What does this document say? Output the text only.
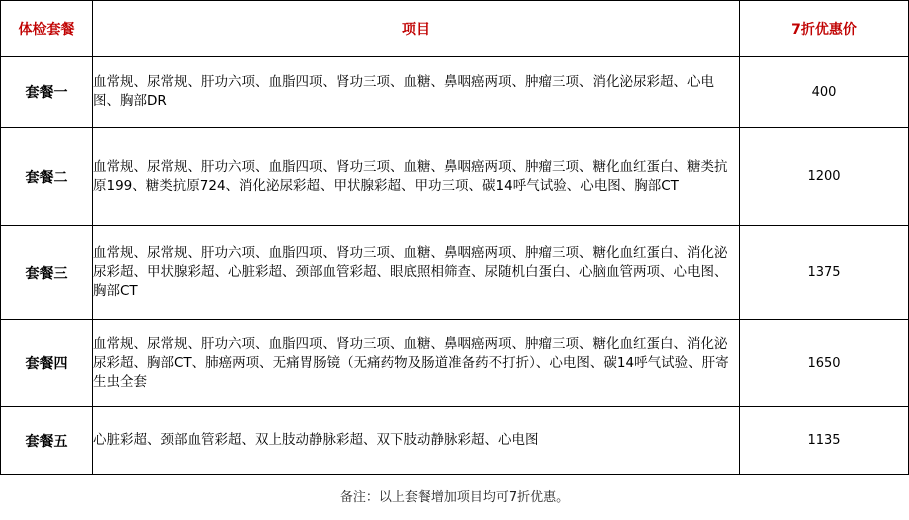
体检套餐	项目	7折优惠价
套餐一	血常规、尿常规、肝功六项、血脂四项、肾功三项、血糖、鼻咽癌两项、肿瘤三项、消化泌尿彩超、心电图、胸部DR	400
套餐二	血常规、尿常规、肝功六项、血脂四项、肾功三项、血糖、鼻咽癌两项、肿瘤三项、糖化血红蛋白、糖类抗原199、糖类抗原724、消化泌尿彩超、甲状腺彩超、甲功三项、碳14呼气试验、心电图、胸部CT	1200
套餐三	血常规、尿常规、肝功六项、血脂四项、肾功三项、血糖、鼻咽癌两项、肿瘤三项、糖化血红蛋白、消化泌尿彩超、甲状腺彩超、心脏彩超、颈部血管彩超、眼底照相筛查、尿随机白蛋白、心脑血管两项、心电图、胸部CT	1375
套餐四	血常规、尿常规、肝功六项、血脂四项、肾功三项、血糖、鼻咽癌两项、肿瘤三项、糖化血红蛋白、消化泌尿彩超、胸部CT、肺癌两项、无痛胃肠镜（无痛药物及肠道准备药不打折）、心电图、碳14呼气试验、肝寄生虫全套	1650
套餐五	心脏彩超、颈部血管彩超、双上肢动静脉彩超、双下肢动静脉彩超、心电图	1135
备注：以上套餐增加项目均可7折优惠。
